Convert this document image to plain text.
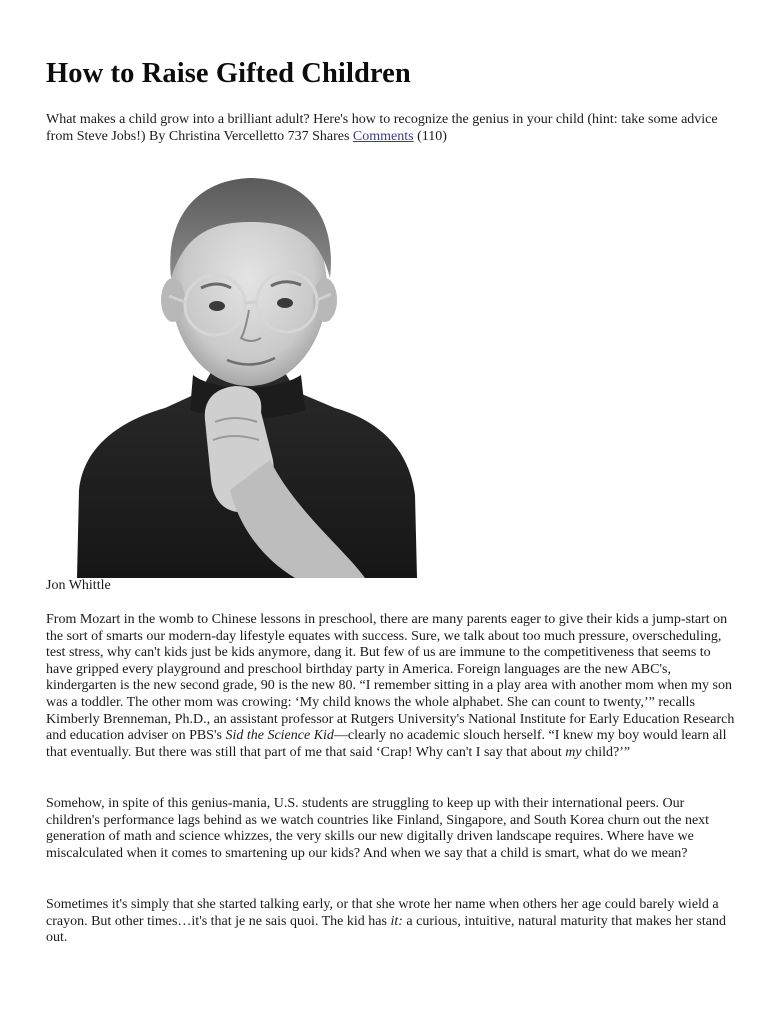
How to Raise Gifted Children

What makes a child grow into a brilliant adult? Here's how to recognize the genius in your child (hint: take some advice from Steve Jobs!) By Christina Vercelletto 737 Shares Comments (110)

Jon Whittle

From Mozart in the womb to Chinese lessons in preschool, there are many parents eager to give their kids a jump-start on the sort of smarts our modern-day lifestyle equates with success. Sure, we talk about too much pressure, overscheduling, test stress, why can't kids just be kids anymore, dang it. But few of us are immune to the competitiveness that seems to have gripped every playground and preschool birthday party in America. Foreign languages are the new ABC's, kindergarten is the new second grade, 90 is the new 80. “I remember sitting in a play area with another mom when my son was a toddler. The other mom was crowing: ‘My child knows the whole alphabet. She can count to twenty,’” recalls Kimberly Brenneman, Ph.D., an assistant professor at Rutgers University's National Institute for Early Education Research and education adviser on PBS's Sid the Science Kid—clearly no academic slouch herself. “I knew my boy would learn all that eventually. But there was still that part of me that said ‘Crap! Why can't I say that about my child?’”

Somehow, in spite of this genius-mania, U.S. students are struggling to keep up with their international peers. Our children's performance lags behind as we watch countries like Finland, Singapore, and South Korea churn out the next generation of math and science whizzes, the very skills our new digitally driven landscape requires. Where have we miscalculated when it comes to smartening up our kids? And when we say that a child is smart, what do we mean?

Sometimes it's simply that she started talking early, or that she wrote her name when others her age could barely wield a crayon. But other times…it's that je ne sais quoi. The kid has it: a curious, intuitive, natural maturity that makes her stand out.
